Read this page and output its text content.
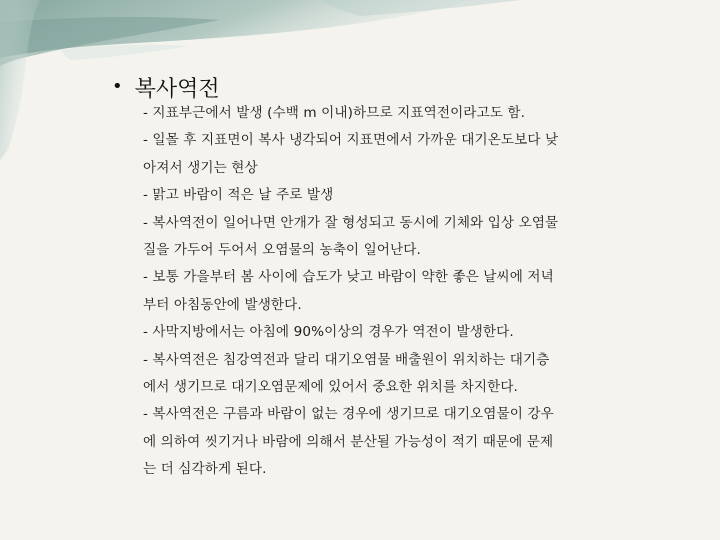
• 복사역전
- 지표부근에서 발생 (수백 m 이내)하므로 지표역전이라고도 함.
- 일몰 후 지표면이 복사 냉각되어 지표면에서 가까운 대기온도보다 낮
아져서 생기는 현상
- 맑고 바람이 적은 날 주로 발생
- 복사역전이 일어나면 안개가 잘 형성되고 동시에 기체와 입상 오염물
질을 가두어 두어서 오염물의 농축이 일어난다.
- 보통 가을부터 봄 사이에 습도가 낮고 바람이 약한 좋은 날씨에 저녁
부터 아침동안에 발생한다.
- 사막지방에서는 아침에 90%이상의 경우가 역전이 발생한다.
- 복사역전은 침강역전과 달리 대기오염물 배출원이 위치하는 대기층
에서 생기므로 대기오염문제에 있어서 중요한 위치를 차지한다.
- 복사역전은 구름과 바람이 없는 경우에 생기므로 대기오염물이 강우
에 의하여 씻기거나 바람에 의해서 분산될 가능성이 적기 때문에 문제
는 더 심각하게 된다.
